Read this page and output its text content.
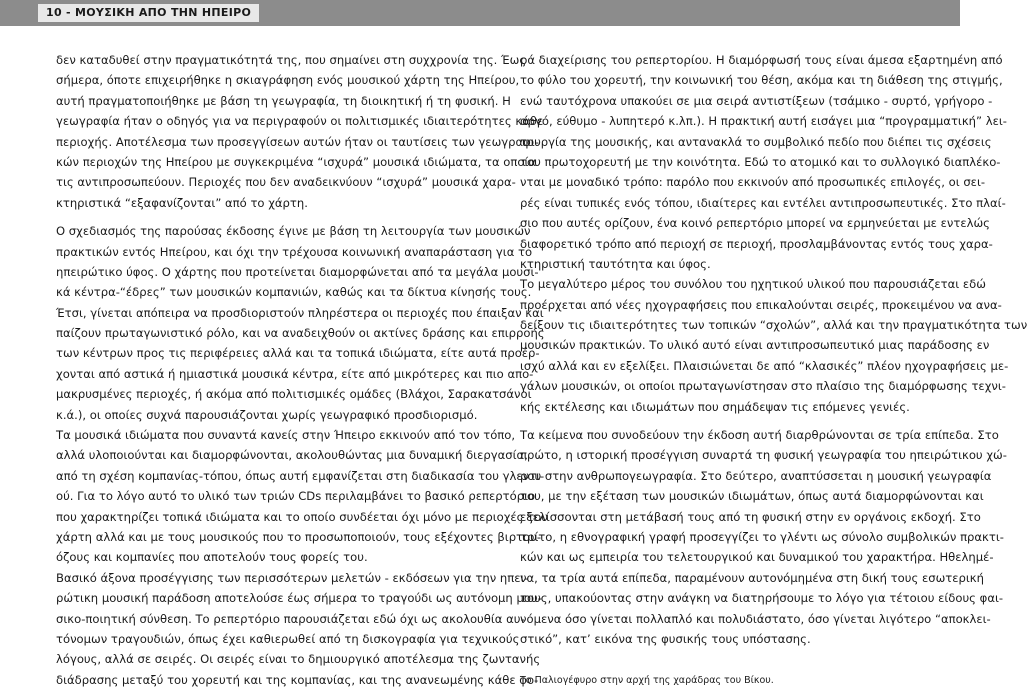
10 - ΜΟΥΣΙΚΗ ΑΠΟ ΤΗΝ ΗΠΕΙΡΟ
δεν καταδυθεί στην πραγματικότητά της, που σημαίνει στη συχχρονία της. Έως
σήμερα, όποτε επιχειρήθηκε η σκιαγράφηση ενός μουσικού χάρτη της Ηπείρου,
αυτή πραγματοποιήθηκε με βάση τη γεωγραφία, τη διοικητική ή τη φυσική. Η
γεωγραφία ήταν ο οδηγός για να περιγραφούν οι πολιτισμικές ιδιαιτερότητες κάθε
περιοχής. Αποτέλεσμα των προσεγγίσεων αυτών ήταν οι ταυτίσεις των γεωγραφι-
κών περιοχών της Ηπείρου με συγκεκριμένα “ισχυρά” μουσικά ιδιώματα, τα οποία
τις αντιπροσωπεύουν. Περιοχές που δεν αναδεικνύουν “ισχυρά” μουσικά χαρα-
κτηριστικά “εξαφανίζονται” από το χάρτη.
Ο σχεδιασμός της παρούσας έκδοσης έγινε με βάση τη λειτουργία των μουσικών
πρακτικών εντός Ηπείρου, και όχι την τρέχουσα κοινωνική αναπαράσταση για το
ηπειρώτικο ύφος. Ο χάρτης που προτείνεται διαμορφώνεται από τα μεγάλα μουσι-
κά κέντρα-“έδρες” των μουσικών κομπανιών, καθώς και τα δίκτυα κίνησής τους.
Έτσι, γίνεται απόπειρα να προσδιοριστούν πληρέστερα οι περιοχές που έπαιξαν και
παίζουν πρωταγωνιστικό ρόλο, και να αναδειχθούν οι ακτίνες δράσης και επιρροής
των κέντρων προς τις περιφέρειες αλλά και τα τοπικά ιδιώματα, είτε αυτά προέρ-
χονται από αστικά ή ημιαστικά μουσικά κέντρα, είτε από μικρότερες και πιο απο-
μακρυσμένες περιοχές, ή ακόμα από πολιτισμικές ομάδες (Βλάχοι, Σαρακατσάνοι
κ.ά.), οι οποίες συχνά παρουσιάζονται χωρίς γεωγραφικό προσδιορισμό.
Τα μουσικά ιδιώματα που συναντά κανείς στην Ήπειρο εκκινούν από τον τόπο,
αλλά υλοποιούνται και διαμορφώνονται, ακολουθώντας μια δυναμική διεργασία,
από τη σχέση κομπανίας-τόπου, όπως αυτή εμφανίζεται στη διαδικασία του γλεντι-
ού. Για το λόγο αυτό το υλικό των τριών CDs περιλαμβάνει το βασικό ρεπερτόριο
που χαρακτηρίζει τοπικά ιδιώματα και το οποίο συνδέεται όχι μόνο με περιοχές του
χάρτη αλλά και με τους μουσικούς που το προσωποποιούν, τους εξέχοντες βιρτου-
όζους και κομπανίες που αποτελούν τους φορείς του.
Βασικό άξονα προσέγγισης των περισσότερων μελετών - εκδόσεων για την ηπει-
ρώτικη μουσική παράδοση αποτελούσε έως σήμερα το τραγούδι ως αυτόνομη μου-
σικο-ποιητική σύνθεση. Το ρεπερτόριο παρουσιάζεται εδώ όχι ως ακολουθία αυ-
τόνομων τραγουδιών, όπως έχει καθιερωθεί από τη δισκογραφία για τεχνικούς
λόγους, αλλά σε σειρές. Οι σειρές είναι το δημιουργικό αποτέλεσμα της ζωντανής
διάδρασης μεταξύ του χορευτή και της κομπανίας, και της ανανεωμένης κάθε φο-
ρά διαχείρισης του ρεπερτορίου. Η διαμόρφωσή τους είναι άμεσα εξαρτημένη από
το φύλο του χορευτή, την κοινωνική του θέση, ακόμα και τη διάθεση της στιγμής,
ενώ ταυτόχρονα υπακούει σε μια σειρά αντιστίξεων (τσάμικο - συρτό, γρήγορο -
αργό, εύθυμο - λυπητερό κ.λπ.). Η πρακτική αυτή εισάγει μια “προγραμματική” λει-
τουργία της μουσικής, και αντανακλά το συμβολικό πεδίο που διέπει τις σχέσεις
του πρωτοχορευτή με την κοινότητα. Εδώ το ατομικό και το συλλογικό διαπλέκο-
νται με μοναδικό τρόπο: παρόλο που εκκινούν από προσωπικές επιλογές, οι σει-
ρές είναι τυπικές ενός τόπου, ιδιαίτερες και εντέλει αντιπροσωπευτικές. Στο πλαί-
σιο που αυτές ορίζουν, ένα κοινό ρεπερτόριο μπορεί να ερμηνεύεται με εντελώς
διαφορετικό τρόπο από περιοχή σε περιοχή, προσλαμβάνοντας εντός τους χαρα-
κτηριστική ταυτότητα και ύφος.
Το μεγαλύτερο μέρος του συνόλου του ηχητικού υλικού που παρουσιάζεται εδώ
προέρχεται από νέες ηχογραφήσεις που επικαλούνται σειρές, προκειμένου να ανα-
δείξουν τις ιδιαιτερότητες των τοπικών “σχολών”, αλλά και την πραγματικότητα των
μουσικών πρακτικών. Το υλικό αυτό είναι αντιπροσωπευτικό μιας παράδοσης εν
ισχύ αλλά και εν εξελίξει. Πλαισιώνεται δε από “κλασικές” πλέον ηχογραφήσεις με-
γάλων μουσικών, οι οποίοι πρωταγωνίστησαν στο πλαίσιο της διαμόρφωσης τεχνι-
κής εκτέλεσης και ιδιωμάτων που σημάδεψαν τις επόμενες γενιές.
Τα κείμενα που συνοδεύουν την έκδοση αυτή διαρθρώνονται σε τρία επίπεδα. Στο
πρώτο, η ιστορική προσέγγιση συναρτά τη φυσική γεωγραφία του ηπειρώτικου χώ-
ρου στην ανθρωπογεωγραφία. Στο δεύτερο, αναπτύσσεται η μουσική γεωγραφία
του, με την εξέταση των μουσικών ιδιωμάτων, όπως αυτά διαμορφώνονται και
εξελίσσονται στη μετάβασή τους από τη φυσική στην εν οργάνοις εκδοχή. Στο
τρίτο, η εθνογραφική γραφή προσεγγίζει το γλέντι ως σύνολο συμβολικών πρακτι-
κών και ως εμπειρία του τελετουργικού και δυναμικού του χαρακτήρα. Ηθελημέ-
να, τα τρία αυτά επίπεδα, παραμένουν αυτονόμημένα στη δική τους εσωτερική
τους, υπακούοντας στην ανάγκη να διατηρήσουμε το λόγο για τέτοιου είδους φαι-
νόμενα όσο γίνεται πολλαπλό και πολυδιάστατο, όσο γίνεται λιγότερο “αποκλει-
στικό”, κατ’ εικόνα της φυσικής τους υπόστασης.
Το Παλιογέφυρο στην αρχή της χαράδρας του Βίκου.
